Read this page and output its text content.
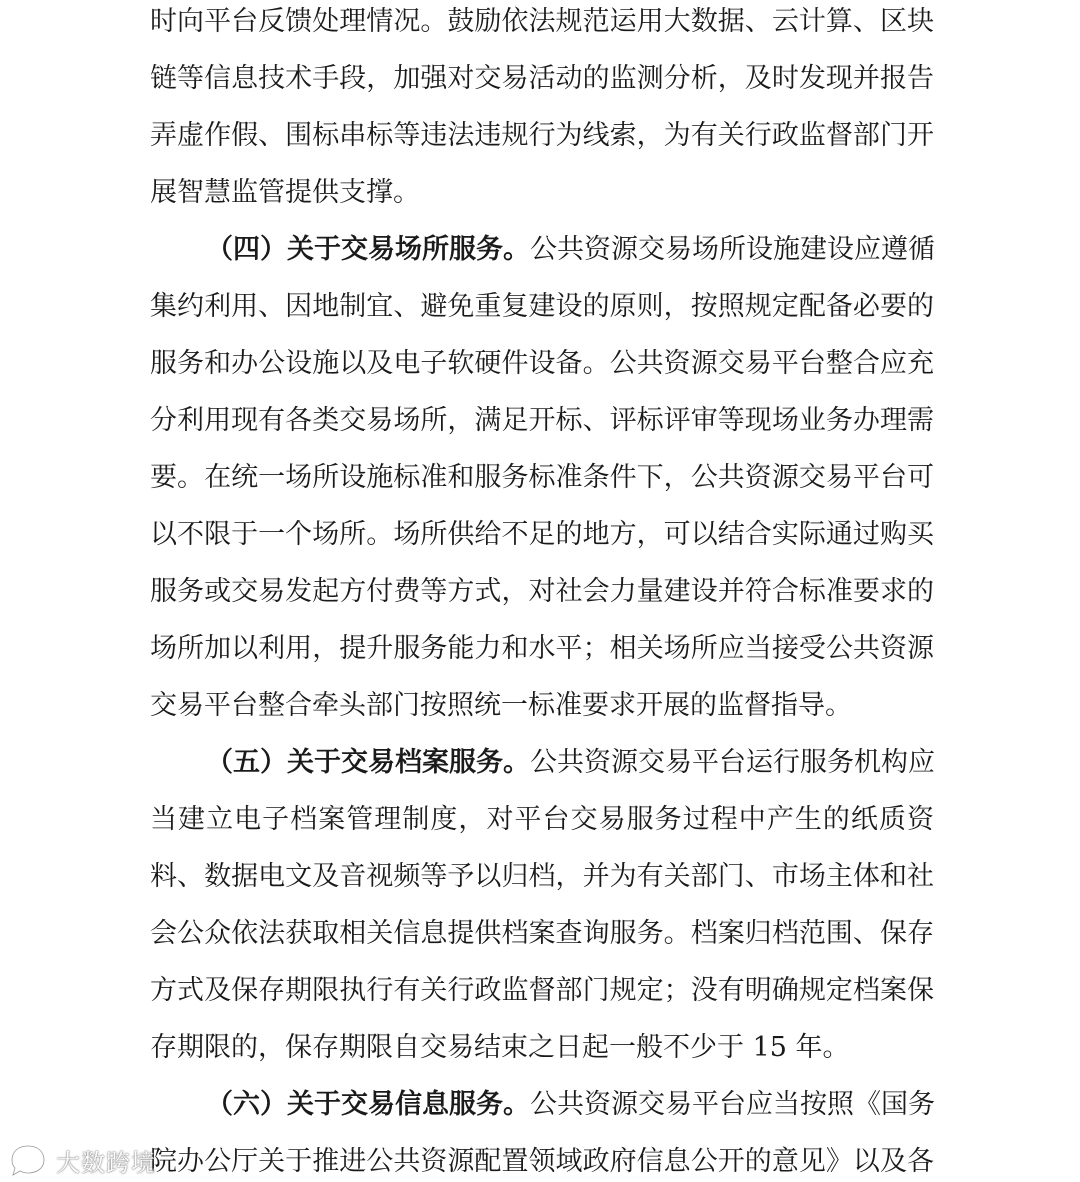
时向平台反馈处理情况。鼓励依法规范运用大数据、云计算、区块
链等信息技术手段，加强对交易活动的监测分析，及时发现并报告
弄虚作假、围标串标等违法违规行为线索，为有关行政监督部门开
展智慧监管提供支撑。
（四）关于交易场所服务。公共资源交易场所设施建设应遵循
集约利用、因地制宜、避免重复建设的原则，按照规定配备必要的
服务和办公设施以及电子软硬件设备。公共资源交易平台整合应充
分利用现有各类交易场所，满足开标、评标评审等现场业务办理需
要。在统一场所设施标准和服务标准条件下，公共资源交易平台可
以不限于一个场所。场所供给不足的地方，可以结合实际通过购买
服务或交易发起方付费等方式，对社会力量建设并符合标准要求的
场所加以利用，提升服务能力和水平；相关场所应当接受公共资源
交易平台整合牵头部门按照统一标准要求开展的监督指导。
（五）关于交易档案服务。公共资源交易平台运行服务机构应
当建立电子档案管理制度，对平台交易服务过程中产生的纸质资
料、数据电文及音视频等予以归档，并为有关部门、市场主体和社
会公众依法获取相关信息提供档案查询服务。档案归档范围、保存
方式及保存期限执行有关行政监督部门规定；没有明确规定档案保
存期限的，保存期限自交易结束之日起一般不少于 15 年。
（六）关于交易信息服务。公共资源交易平台应当按照《国务
院办公厅关于推进公共资源配置领域政府信息公开的意见》以及各
大数跨境
